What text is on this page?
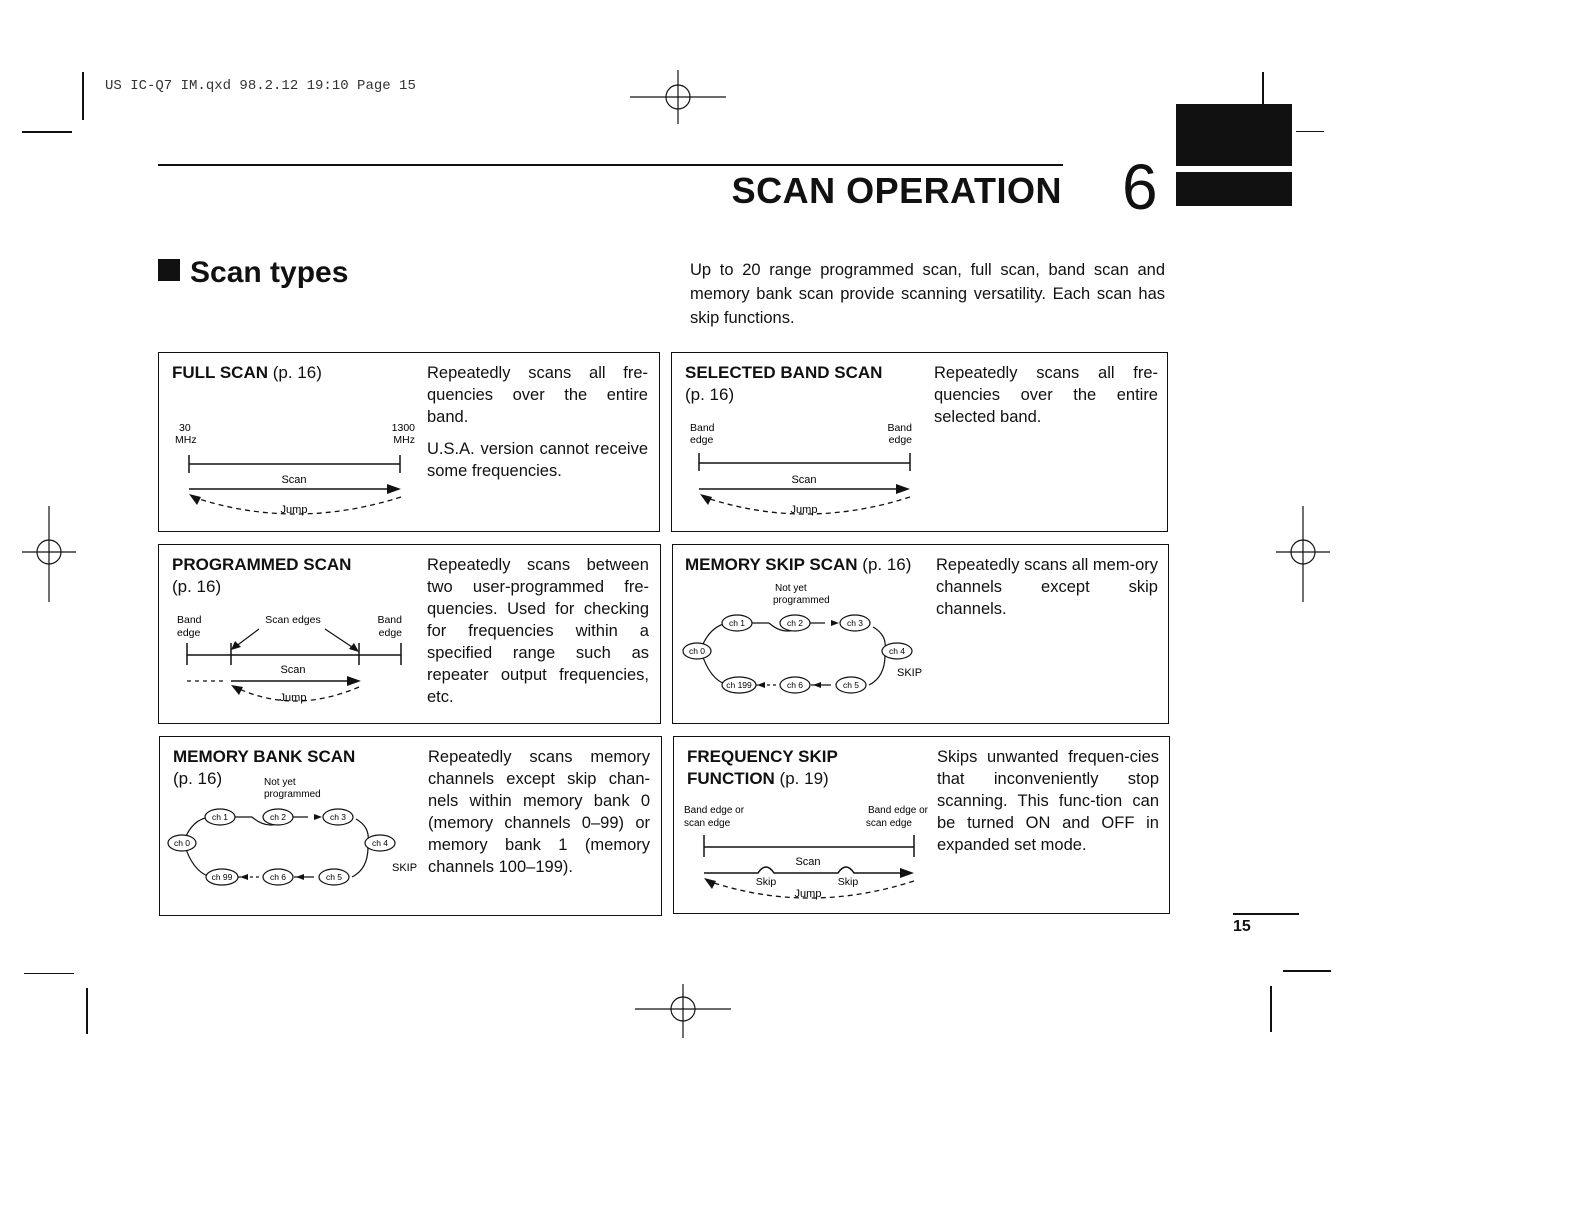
US IC-Q7 IM.qxd 98.2.12 19:10 Page 15
SCAN OPERATION 6
Scan types	Up to 20 range programmed scan, full scan, band scan and memory bank scan provide scanning versatility. Each scan has skip functions.
FULL SCAN (p. 16)	Repeatedly scans all fre-quencies over the entire band.

U.S.A. version cannot receive some frequencies.

30
MHz
1300
MHz
Scan
Jump
SELECTED BAND SCAN
(p. 16)

Repeatedly scans all fre-quencies over the entire selected band.

Band
edge
Band
edge
Scan
Jump
PROGRAMMED SCAN
(p. 16)

Repeatedly scans between two user-programmed fre-quencies. Used for checking for frequencies within a specified range such as repeater output frequencies, etc.

Band
edge
Band
edge
Scan edges
Scan
Jump
MEMORY SKIP SCAN (p. 16) Repeatedly scans all mem-ory channels except skip channels.

Not yet
programmed
ch 1	ch 2	ch 3
ch 0	ch 4
ch 199	ch 6	ch 5
SKIP
MEMORY BANK SCAN
(p. 16)

Repeatedly scans memory channels except skip chan-nels within memory bank 0 (memory channels 0–99) or memory bank 1 (memory channels 100–199).

Not yet
programmed
ch 1	ch 2	ch 3
ch 0	ch 4
ch 99	ch 6	ch 5
SKIP
FREQUENCY SKIP
FUNCTION (p. 19)

Skips unwanted frequen-cies that inconveniently stop scanning. This func-tion can be turned ON and OFF in expanded set mode.

Band edge or
scan edge
Band edge or
scan edge
Scan
Skip	Skip
Jump
15
